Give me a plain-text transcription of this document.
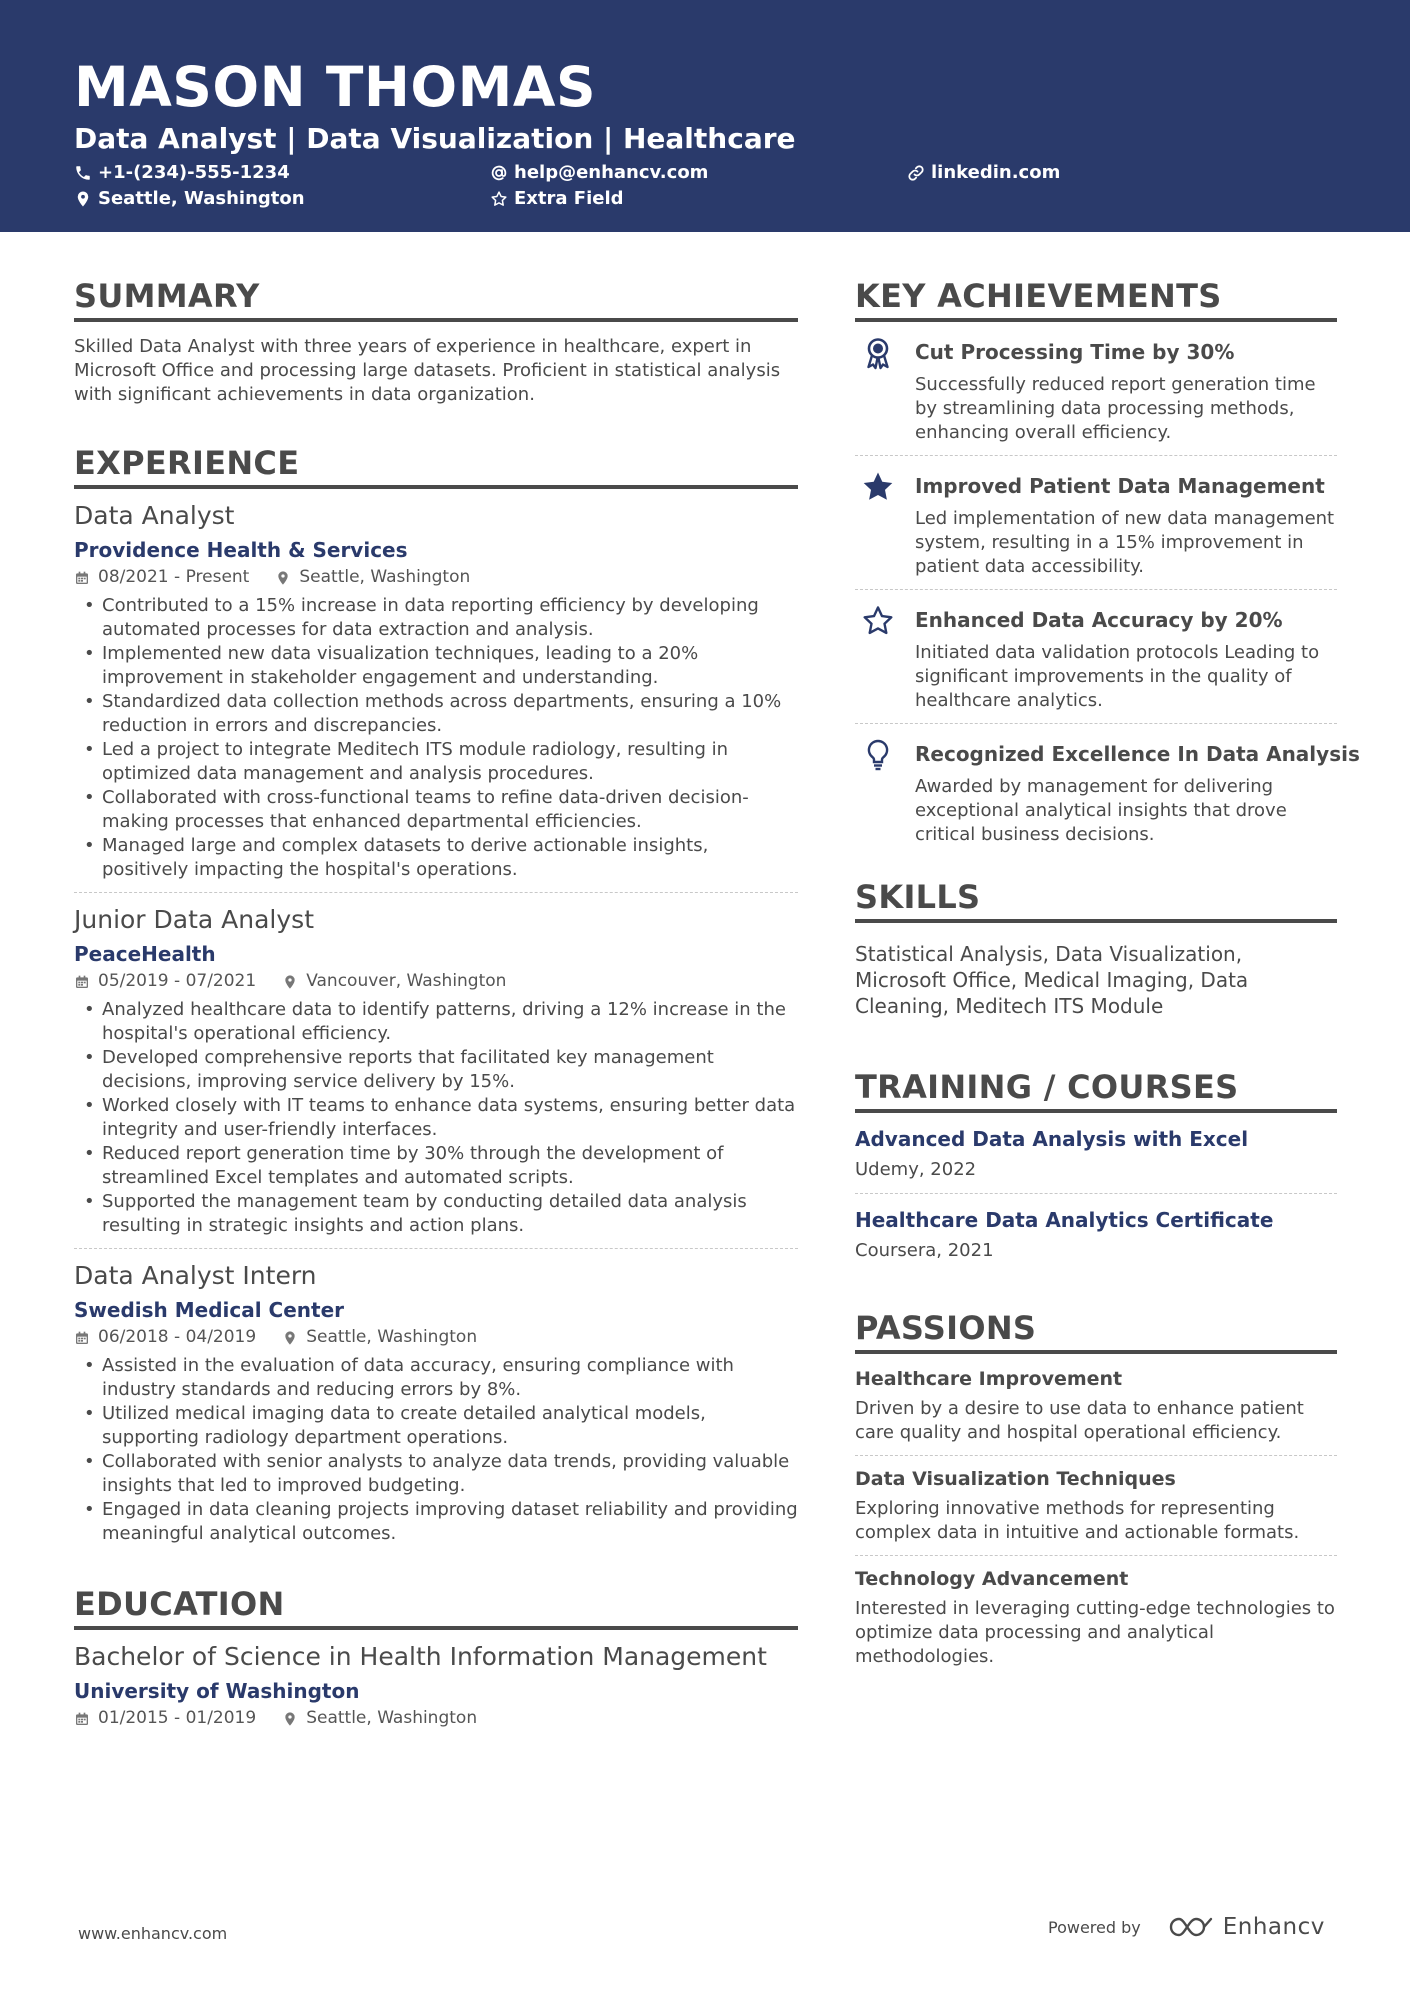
MASON THOMAS
Data Analyst | Data Visualization | Healthcare
+1-(234)-555-1234	help@enhancv.com	linkedin.com
Seattle, Washington	Extra Field
SUMMARY
Skilled Data Analyst with three years of experience in healthcare, expert in Microsoft Office and processing large datasets. Proficient in statistical analysis with significant achievements in data organization.
EXPERIENCE
Data Analyst
Providence Health & Services
08/2021 - Present	Seattle, Washington
• Contributed to a 15% increase in data reporting efficiency by developing automated processes for data extraction and analysis.
• Implemented new data visualization techniques, leading to a 20% improvement in stakeholder engagement and understanding.
• Standardized data collection methods across departments, ensuring a 10% reduction in errors and discrepancies.
• Led a project to integrate Meditech ITS module radiology, resulting in optimized data management and analysis procedures.
• Collaborated with cross-functional teams to refine data-driven decision-making processes that enhanced departmental efficiencies.
• Managed large and complex datasets to derive actionable insights, positively impacting the hospital's operations.
Junior Data Analyst
PeaceHealth
05/2019 - 07/2021	Vancouver, Washington
• Analyzed healthcare data to identify patterns, driving a 12% increase in the hospital's operational efficiency.
• Developed comprehensive reports that facilitated key management decisions, improving service delivery by 15%.
• Worked closely with IT teams to enhance data systems, ensuring better data integrity and user-friendly interfaces.
• Reduced report generation time by 30% through the development of streamlined Excel templates and automated scripts.
• Supported the management team by conducting detailed data analysis resulting in strategic insights and action plans.
Data Analyst Intern
Swedish Medical Center
06/2018 - 04/2019	Seattle, Washington
• Assisted in the evaluation of data accuracy, ensuring compliance with industry standards and reducing errors by 8%.
• Utilized medical imaging data to create detailed analytical models, supporting radiology department operations.
• Collaborated with senior analysts to analyze data trends, providing valuable insights that led to improved budgeting.
• Engaged in data cleaning projects improving dataset reliability and providing meaningful analytical outcomes.
EDUCATION
Bachelor of Science in Health Information Management
University of Washington
01/2015 - 01/2019	Seattle, Washington
KEY ACHIEVEMENTS
Cut Processing Time by 30%
Successfully reduced report generation time by streamlining data processing methods, enhancing overall efficiency.
Improved Patient Data Management
Led implementation of new data management system, resulting in a 15% improvement in patient data accessibility.
Enhanced Data Accuracy by 20%
Initiated data validation protocols Leading to significant improvements in the quality of healthcare analytics.
Recognized Excellence In Data Analysis
Awarded by management for delivering exceptional analytical insights that drove critical business decisions.
SKILLS
Statistical Analysis, Data Visualization, Microsoft Office, Medical Imaging, Data Cleaning, Meditech ITS Module
TRAINING / COURSES
Advanced Data Analysis with Excel
Udemy, 2022
Healthcare Data Analytics Certificate
Coursera, 2021
PASSIONS
Healthcare Improvement
Driven by a desire to use data to enhance patient care quality and hospital operational efficiency.
Data Visualization Techniques
Exploring innovative methods for representing complex data in intuitive and actionable formats.
Technology Advancement
Interested in leveraging cutting-edge technologies to optimize data processing and analytical methodologies.
www.enhancv.com	Powered by	Enhancv
